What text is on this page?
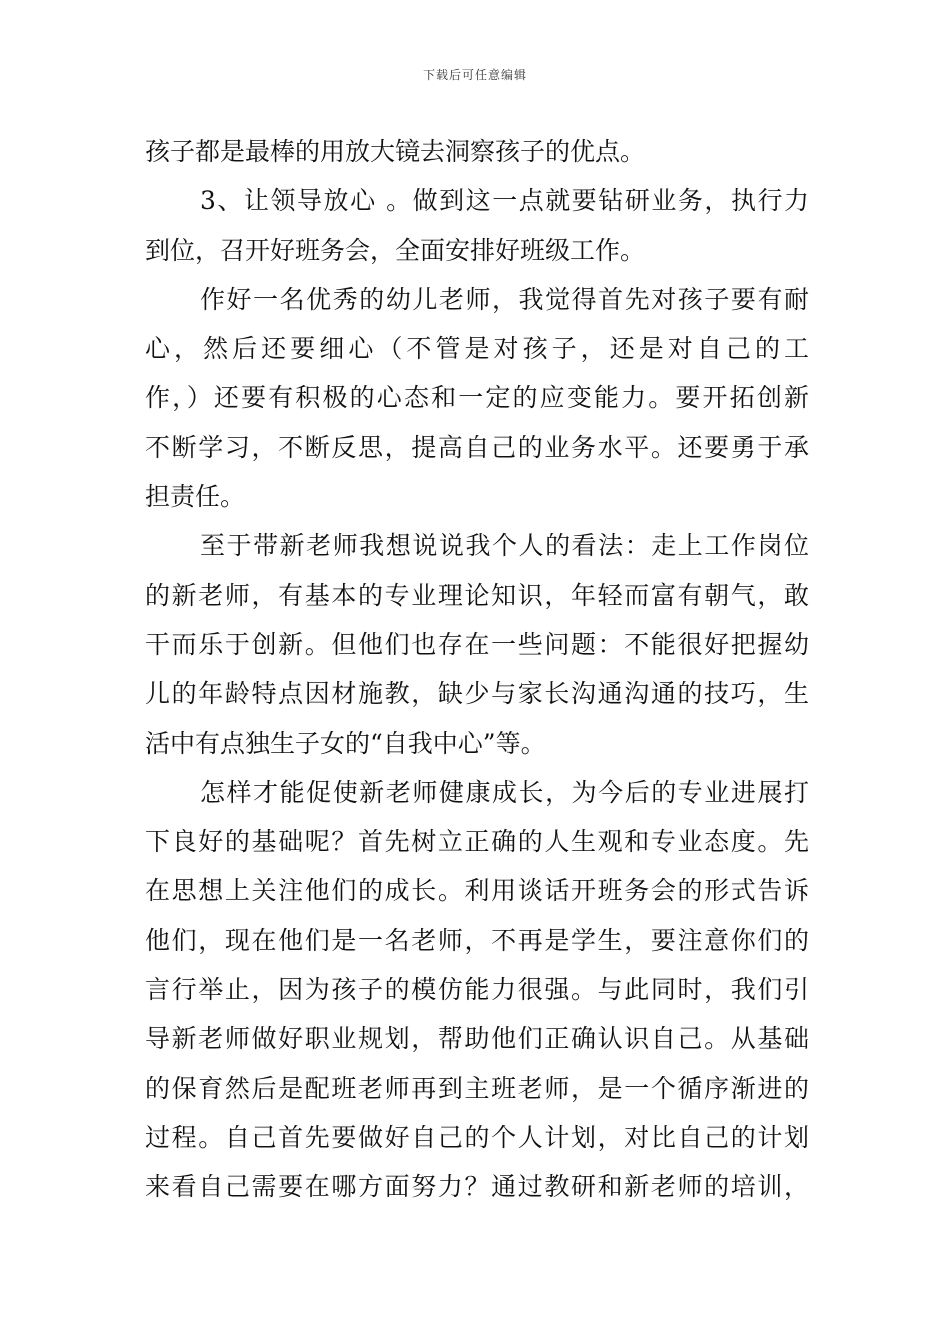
下载后可任意编辑
孩子都是最棒的用放大镜去洞察孩子的优点。
3、让领导放心 。做到这一点就要钻研业务，执行力
到位，召开好班务会，全面安排好班级工作。
作好一名优秀的幼儿老师，我觉得首先对孩子要有耐
心，然后还要细心（不管是对孩子，还是对自己的工
作，）还要有积极的心态和一定的应变能力。要开拓创新
不断学习，不断反思，提高自己的业务水平。还要勇于承
担责任。
至于带新老师我想说说我个人的看法：走上工作岗位
的新老师，有基本的专业理论知识，年轻而富有朝气，敢
干而乐于创新。但他们也存在一些问题：不能很好把握幼
儿的年龄特点因材施教，缺少与家长沟通沟通的技巧，生
活中有点独生子女的“自我中心”等。
怎样才能促使新老师健康成长，为今后的专业进展打
下良好的基础呢？首先树立正确的人生观和专业态度。先
在思想上关注他们的成长。利用谈话开班务会的形式告诉
他们，现在他们是一名老师，不再是学生，要注意你们的
言行举止，因为孩子的模仿能力很强。与此同时，我们引
导新老师做好职业规划，帮助他们正确认识自己。从基础
的保育然后是配班老师再到主班老师，是一个循序渐进的
过程。自己首先要做好自己的个人计划，对比自己的计划
来看自己需要在哪方面努力？通过教研和新老师的培训，
